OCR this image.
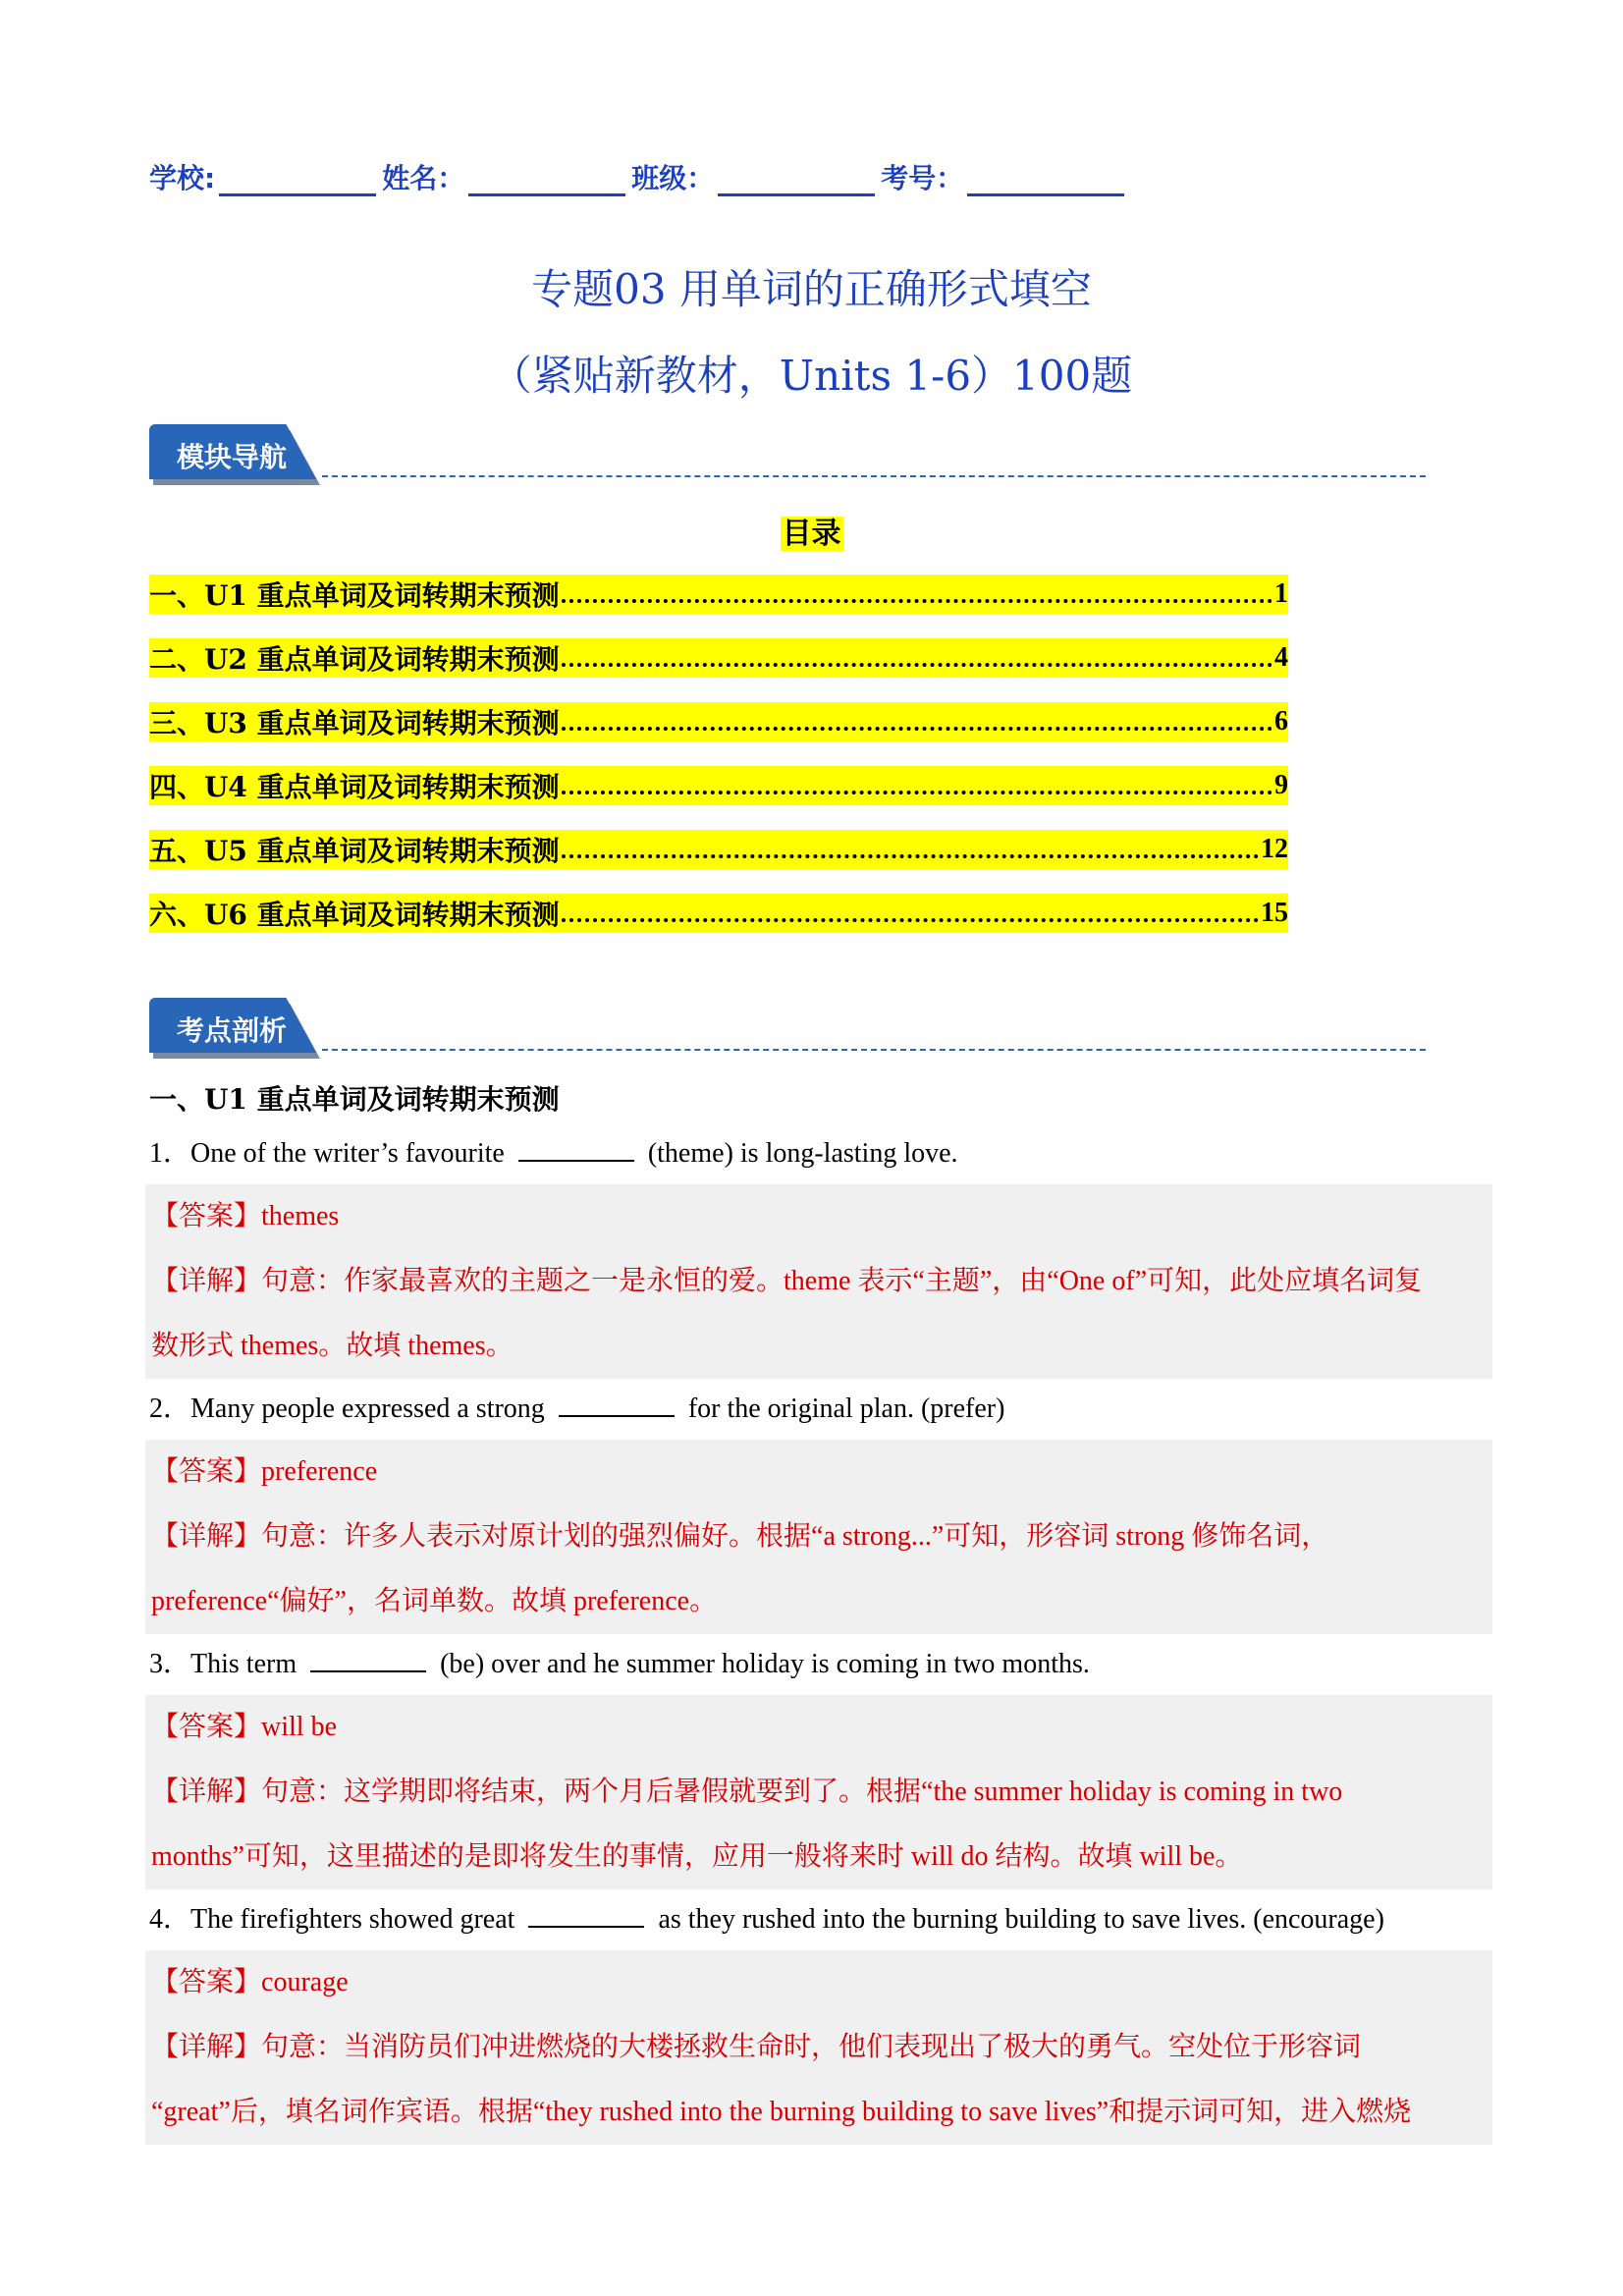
学校:	姓名：	班级：	考号：
专题03 用单词的正确形式填空
（紧贴新教材，Units 1-6）100题
模块导航
目录
一、U1 重点单词及词转期末预测	1
二、U2 重点单词及词转期末预测	4
三、U3 重点单词及词转期末预测	6
四、U4 重点单词及词转期末预测	9
五、U5 重点单词及词转期末预测	12
六、U6 重点单词及词转期末预测	15
考点剖析
一、U1 重点单词及词转期末预测
1．One of the writer’s favourite	(theme) is long-lasting love.
【答案】themes
【详解】句意：作家最喜欢的主题之一是永恒的爱。theme 表示“主题”，由“One of”可知，此处应填名词复
数形式 themes。故填 themes。
2．Many people expressed a strong	for the original plan. (prefer)
【答案】preference
【详解】句意：许多人表示对原计划的强烈偏好。根据“a strong...”可知，形容词 strong 修饰名词，
preference“偏好”，名词单数。故填 preference。
3．This term	(be) over and he summer holiday is coming in two months.
【答案】will be
【详解】句意：这学期即将结束，两个月后暑假就要到了。根据“the summer holiday is coming in two
months”可知，这里描述的是即将发生的事情，应用一般将来时 will do 结构。故填 will be。
4．The firefighters showed great	as they rushed into the burning building to save lives. (encourage)
【答案】courage
【详解】句意：当消防员们冲进燃烧的大楼拯救生命时，他们表现出了极大的勇气。空处位于形容词
“great”后，填名词作宾语。根据“they rushed into the burning building to save lives”和提示词可知，进入燃烧
